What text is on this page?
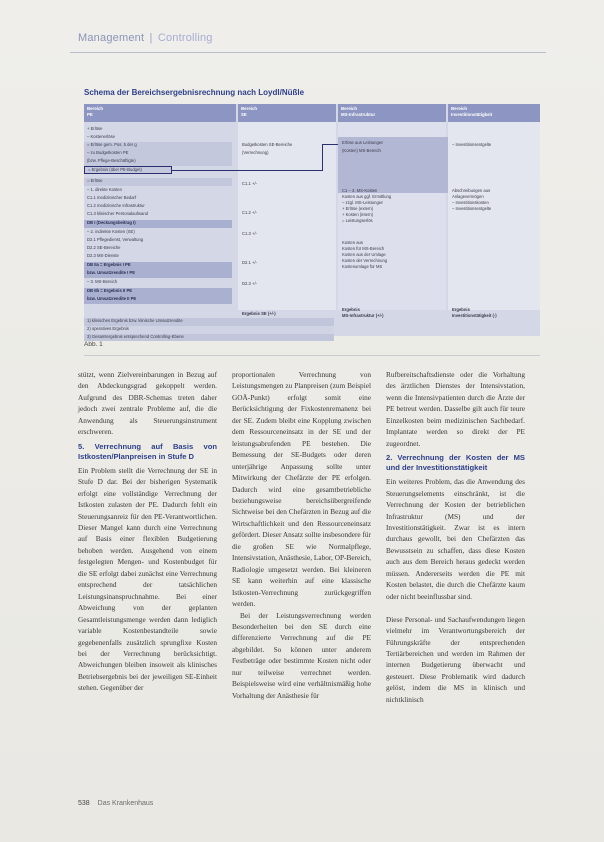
Management | Controlling
Schema der Bereichsergebnisrechnung nach Loydl/Nüßle
Bereich
PE
Bereich
SE
Bereich
MS-Infrastruktur
Bereich
Investitionstätigkeit
+ Erlöse
– Kostenerlöse
= Erlöse gem. Pos. 5 der g
– zu Budgetkosten PE
(bzw. Pflege-Beschäftigte)
= Ergebnis (über PE-Budget)
= Erlöse
– 1. direkte Kosten
C1.1 medizinischer Bedarf
C1.2 medizinische Infrastruktur
C1.3 klinischer Personalaufwand
DB I (Deckungsbeitrag I)
– 2. indirekte Kosten (SE)
D2.1 Pflegedienst, Verwaltung
D2.2 SE-Bereiche
D2.3 MS-Dienste
DB IIa = Ergebnis I PE
bzw. Umsatzrendite I PE
– 3. MS-Bereich
DB IIb = Ergebnis II PE
bzw. Umsatzrendite II PE
Budgetkosten SE-Bereiche
(Verrechnung)
C1.1 +/-
C1.2 +/-
C1.3 +/-
D2.1 +/-
D2.3 +/-
Ergebnis SE (+/-)
Erlöse aus Leistungen
(Kosten) MS-Bereich
C1 – 3. MS-Kosten
Kosten aus ggf. Ermittlung
– zzgl. MS-Leistungen
+ Erlöse (extern)
+ Kosten (intern)
= Leistungserlös
Kosten aus
Kosten für MS-Bereich
Kosten aus der Umlage
Kosten der Verrechnung
Kostenumlage für MS
Ergebnis
MS-Infrastruktur (+/-)
– Investitionsentgelte
Abschreibungen aus
Anlagevermögen
– Investitionskosten
– Investitionsentgelte
Ergebnis
Investitionstätigkeit (-)
1) klinisches Ergebnis bzw. klinische Umsatzrendite
2) operatives Ergebnis
3) Gesamtergebnis entsprechend Controlling-Ebene
Abb. 1

stützt, wenn Zielvereinbarungen in Bezug auf den Abdeckungsgrad gekoppelt werden. Aufgrund des DBR-Schemas treten daher jedoch zwei zentrale Probleme auf, die die Anwendung als Steuerungsinstrument erschweren.

5. Verrechnung auf Basis von Istkosten/Planpreisen in Stufe D

Ein Problem stellt die Verrechnung der SE in Stufe D dar. Bei der bisherigen Systematik erfolgt eine vollständige Verrechnung der Istkosten zulasten der PE. Dadurch fehlt ein Steuerungsanreiz für den PE-Verantwortlichen. Dieser Mangel kann durch eine Verrechnung auf Basis einer flexiblen Budgetierung behoben werden. Ausgehend von einem festgelegten Mengen- und Kostenbudget für die SE erfolgt dabei zunächst eine Verrechnung entsprechend der tatsächlichen Leistungsinanspruchnahme. Bei einer Abweichung von der geplanten Gesamtleistungsmenge werden dann lediglich variable Kostenbestandteile sowie gegebenenfalls zusätzlich sprungfixe Kosten bei der Verrechnung berücksichtigt. Abweichungen bleiben insoweit als klinisches Betriebsergebnis bei der jeweiligen SE-Einheit stehen. Gegenüber der

proportionalen Verrechnung von Leistungsmengen zu Planpreisen (zum Beispiel GOÄ-Punkt) erfolgt somit eine Berücksichtigung der Fixkostenremanenz bei der SE. Zudem bleibt eine Kopplung zwischen dem Ressourceneinsatz in der SE und der leistungsabrufenden PE bestehen. Die Bemessung der SE-Budgets oder deren unterjährige Anpassung sollte unter Mitwirkung der Chefärzte der PE erfolgen. Dadurch wird eine gesamtbetriebliche beziehungsweise bereichsübergreifende Sichtweise bei den Chefärzten in Bezug auf die Wirtschaftlichkeit und den Ressourceneinsatz gefördert. Dieser Ansatz sollte insbesondere für die großen SE wie Normalpflege, Intensivstation, Anästhesie, Labor, OP-Bereich, Radiologie umgesetzt werden. Bei kleineren SE kann weiterhin auf eine klassische Istkosten-Verrechnung zurückgegriffen werden.

Bei der Leistungsverrechnung werden Besonderheiten bei den SE durch eine differenzierte Verrechnung auf die PE abgebildet. So können unter anderem Festbeträge oder bestimmte Kosten nicht oder nur teilweise verrechnet werden. Beispielsweise wird eine verhältnismäßig hohe Vorhaltung der Anästhesie für

Rufbereitschaftsdienste oder die Vorhaltung des ärztlichen Dienstes der Intensivstation, wenn die Intensivpatienten durch die Ärzte der PE betreut werden. Dasselbe gilt auch für teure Einzelkosten beim medizinischen Sachbedarf. Implantate werden so direkt der PE zugeordnet.

2. Verrechnung der Kosten der MS und der Investitionstätigkeit

Ein weiteres Problem, das die Anwendung des Steuerungselements einschränkt, ist die Verrechnung der Kosten der betrieblichen Infrastruktur (MS) und der Investitionstätigkeit. Zwar ist es intern durchaus gewollt, bei den Chefärzten das Bewusstsein zu schaffen, dass diese Kosten auch aus dem Bereich heraus gedeckt werden müssen. Andererseits werden die PE mit Kosten belastet, die durch die Chefärzte kaum oder nicht beeinflussbar sind.

Diese Personal- und Sachaufwendungen liegen vielmehr im Verantwortungsbereich der Führungskräfte der entsprechenden Tertiärbereichen und werden im Rahmen der internen Budgetierung überwacht und gesteuert. Diese Problematik wird dadurch gelöst, indem die MS in klinisch und nichtklinisch

538 Das Krankenhaus
